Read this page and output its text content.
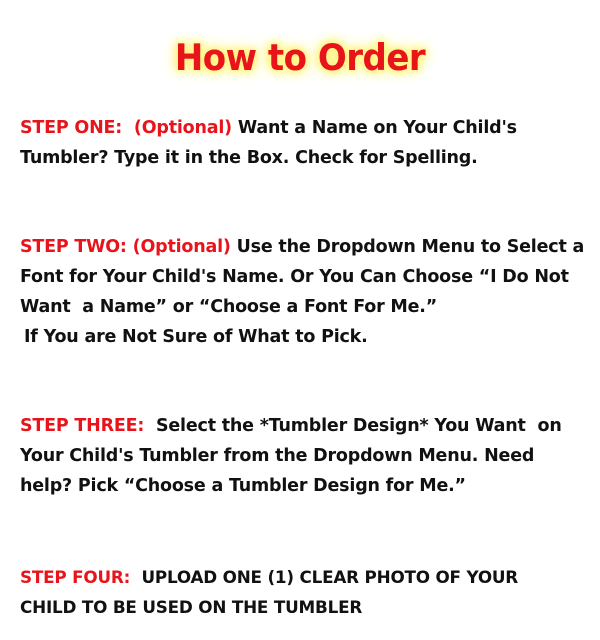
How to Order
STEP ONE: (Optional) Want a Name on Your Child's
Tumbler? Type it in the Box. Check for Spelling.
STEP TWO: (Optional) Use the Dropdown Menu to Select a
Font for Your Child's Name. Or You Can Choose “I Do Not
Want  a Name” or “Choose a Font For Me.”
If You are Not Sure of What to Pick.
STEP THREE: Select the *Tumbler Design* You Want  on
Your Child's Tumbler from the Dropdown Menu. Need
help? Pick “Choose a Tumbler Design for Me.”
STEP FOUR: UPLOAD ONE (1) CLEAR PHOTO OF YOUR
CHILD TO BE USED ON THE TUMBLER
